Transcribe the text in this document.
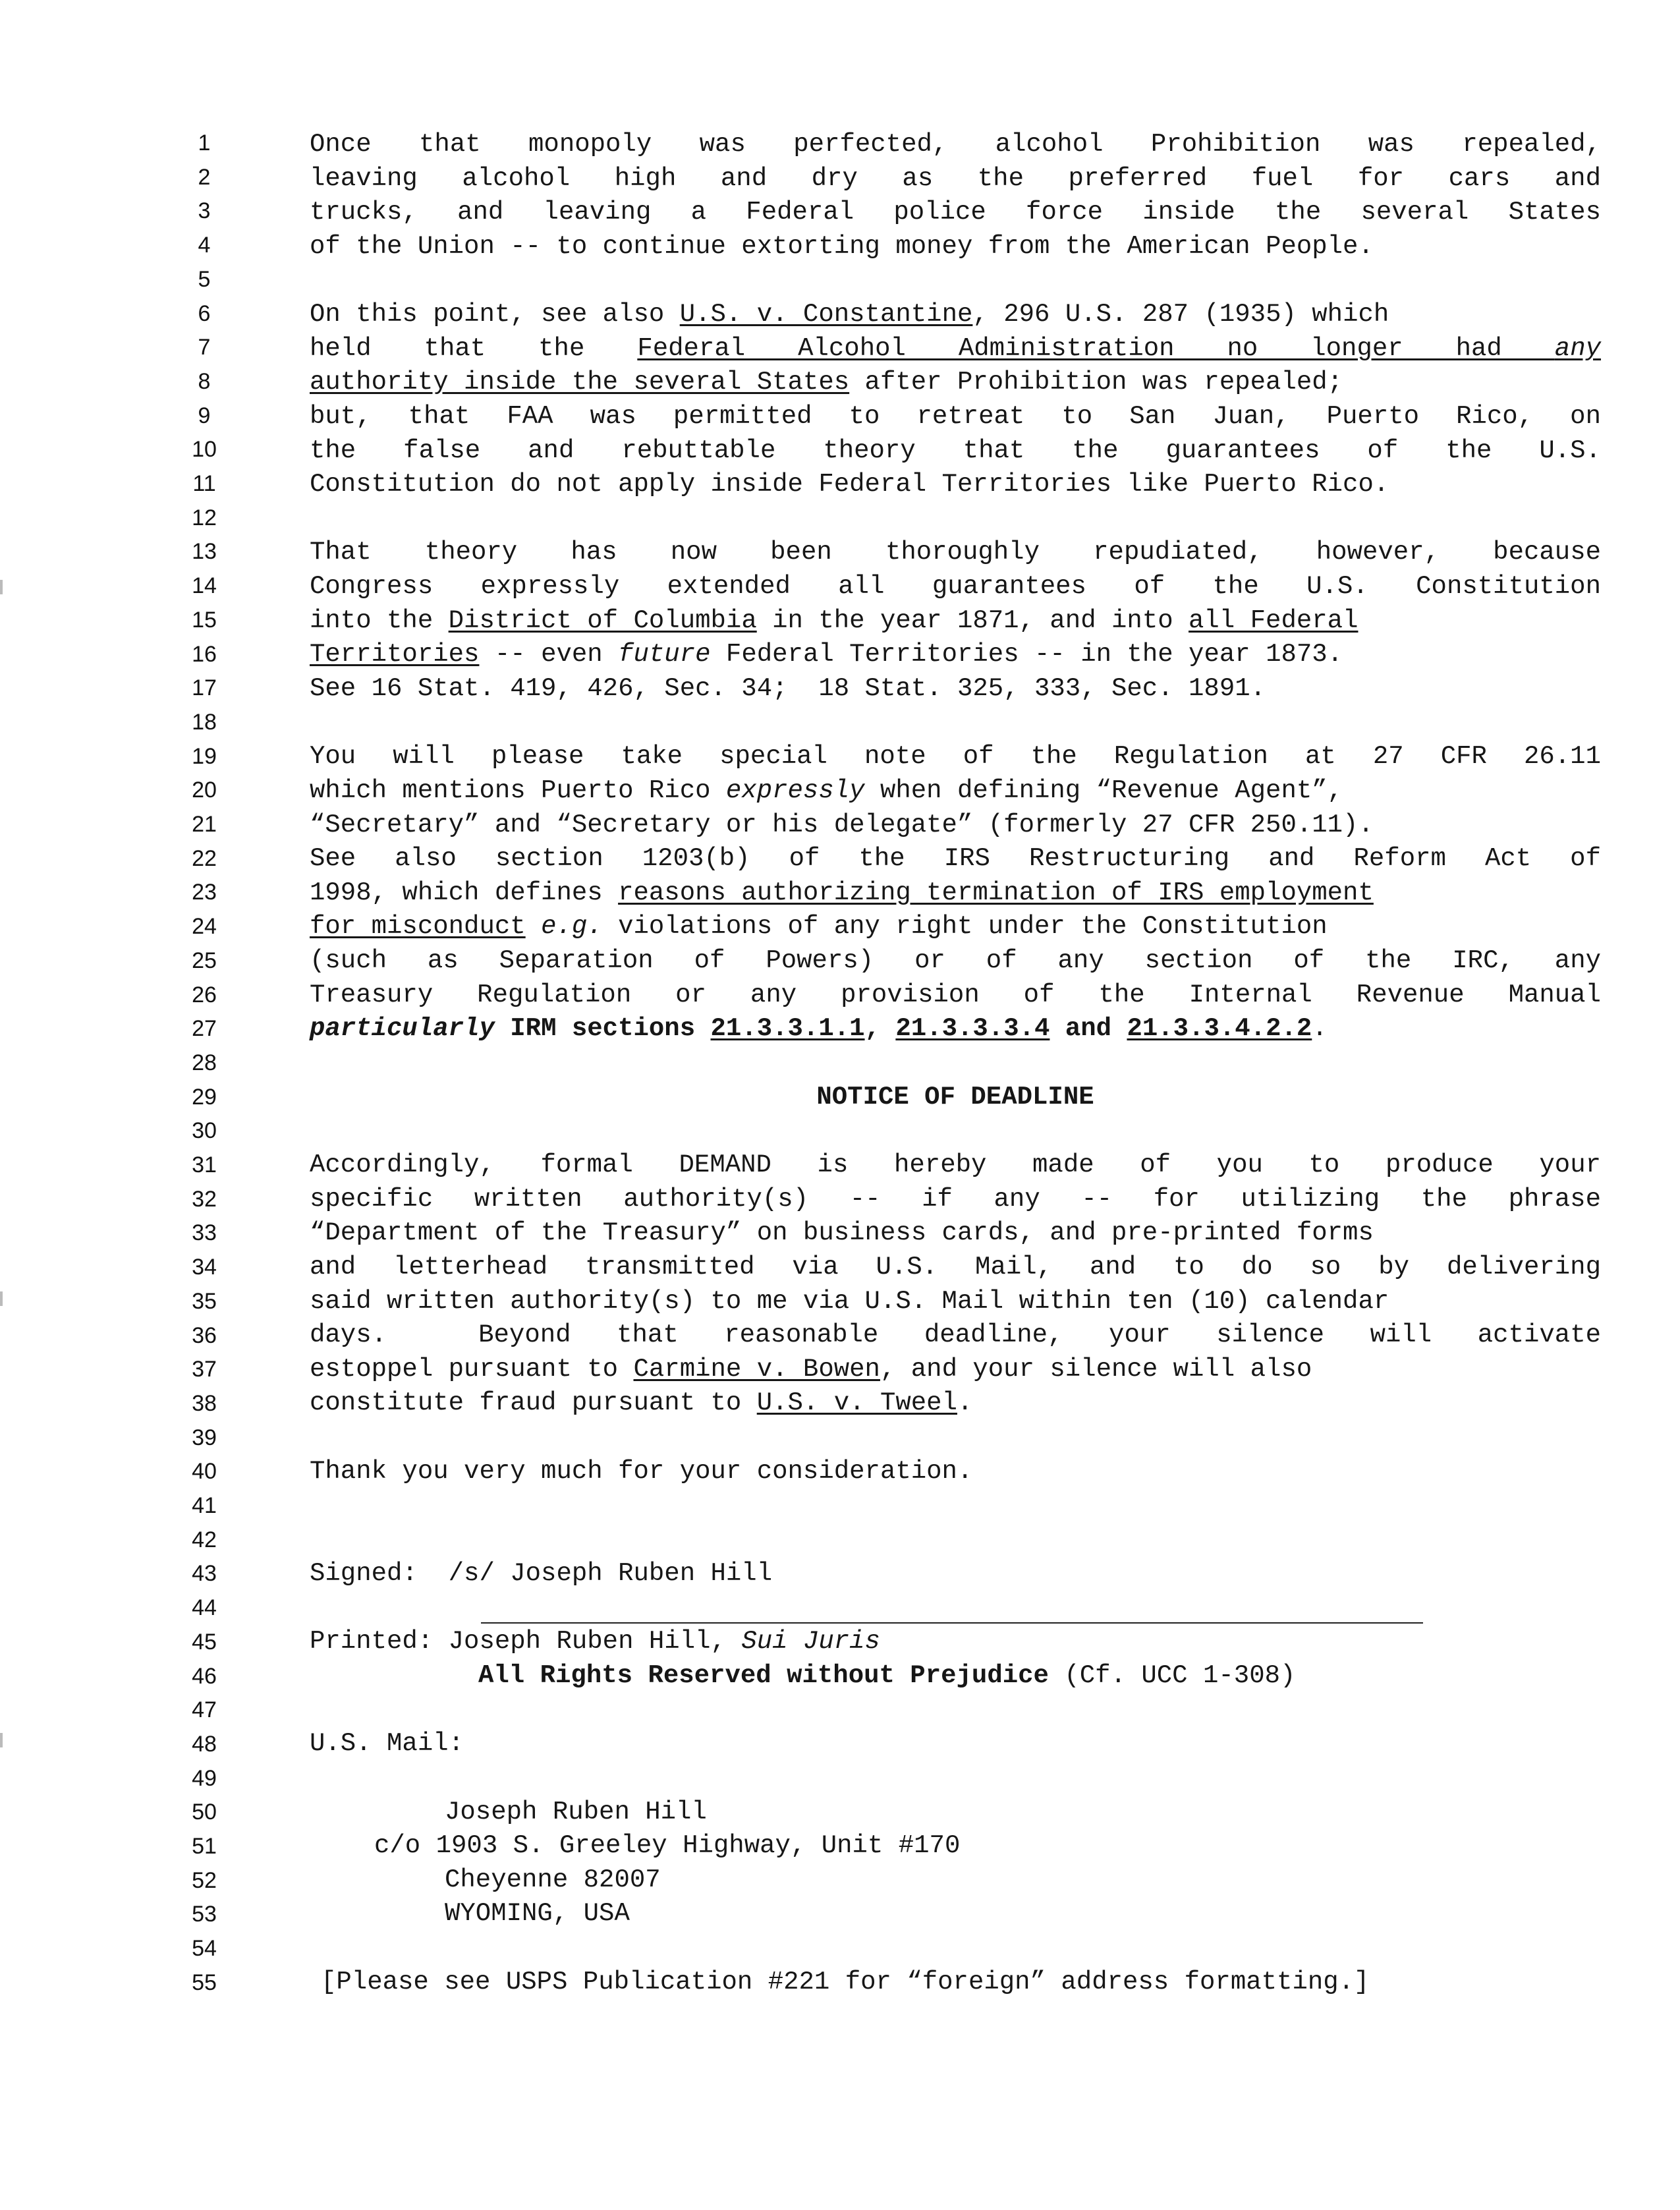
1
2
3
4
5
6
7
8
9
10
11
12
13
14
15
16
17
18
19
20
21
22
23
24
25
26
27
28
29
30
31
32
33
34
35
36
37
38
39
40
41
42
43
44
45
46
47
48
49
50
51
52
53
54
55
Once that monopoly was perfected, alcohol Prohibition was repealed,
leaving alcohol high and dry as the preferred fuel for cars and
trucks, and leaving a Federal police force inside the several States
of the Union -- to continue extorting money from the American People.
On this point, see also U.S. v. Constantine, 296 U.S. 287 (1935) which
held that the Federal Alcohol Administration no longer had any
authority inside the several States after Prohibition was repealed;
but, that FAA was permitted to retreat to San Juan, Puerto Rico, on
the false and rebuttable theory that the guarantees of the U.S.
Constitution do not apply inside Federal Territories like Puerto Rico.
That theory has now been thoroughly repudiated, however, because
Congress expressly extended all guarantees of the U.S. Constitution
into the District of Columbia in the year 1871, and into all Federal
Territories -- even future Federal Territories -- in the year 1873.
See 16 Stat. 419, 426, Sec. 34;  18 Stat. 325, 333, Sec. 1891.
You will please take special note of the Regulation at 27 CFR 26.11
which mentions Puerto Rico expressly when defining “Revenue Agent”,
“Secretary” and “Secretary or his delegate” (formerly 27 CFR 250.11).
See also section 1203(b) of the IRS Restructuring and Reform Act of
1998, which defines reasons authorizing termination of IRS employment
for misconduct e.g. violations of any right under the Constitution
(such as Separation of Powers) or of any section of the IRC, any
Treasury Regulation or any provision of the Internal Revenue Manual
particularly IRM sections 21.3.3.1.1, 21.3.3.3.4 and 21.3.3.4.2.2.
NOTICE OF DEADLINE
Accordingly, formal DEMAND is hereby made of you to produce your
specific written authority(s) -- if any -- for utilizing the phrase
“Department of the Treasury” on business cards, and pre-printed forms
and letterhead transmitted via U.S. Mail, and to do so by delivering
said written authority(s) to me via U.S. Mail within ten (10) calendar
days.  Beyond that reasonable deadline, your silence will activate
estoppel pursuant to Carmine v. Bowen, and your silence will also
constitute fraud pursuant to U.S. v. Tweel.
Thank you very much for your consideration.
Signed:  /s/ Joseph Ruben Hill
Printed: Joseph Ruben Hill, Sui Juris
All Rights Reserved without Prejudice (Cf. UCC 1-308)
U.S. Mail:
Joseph Ruben Hill
c/o 1903 S. Greeley Highway, Unit #170
Cheyenne 82007
WYOMING, USA
[Please see USPS Publication #221 for “foreign” address formatting.]
